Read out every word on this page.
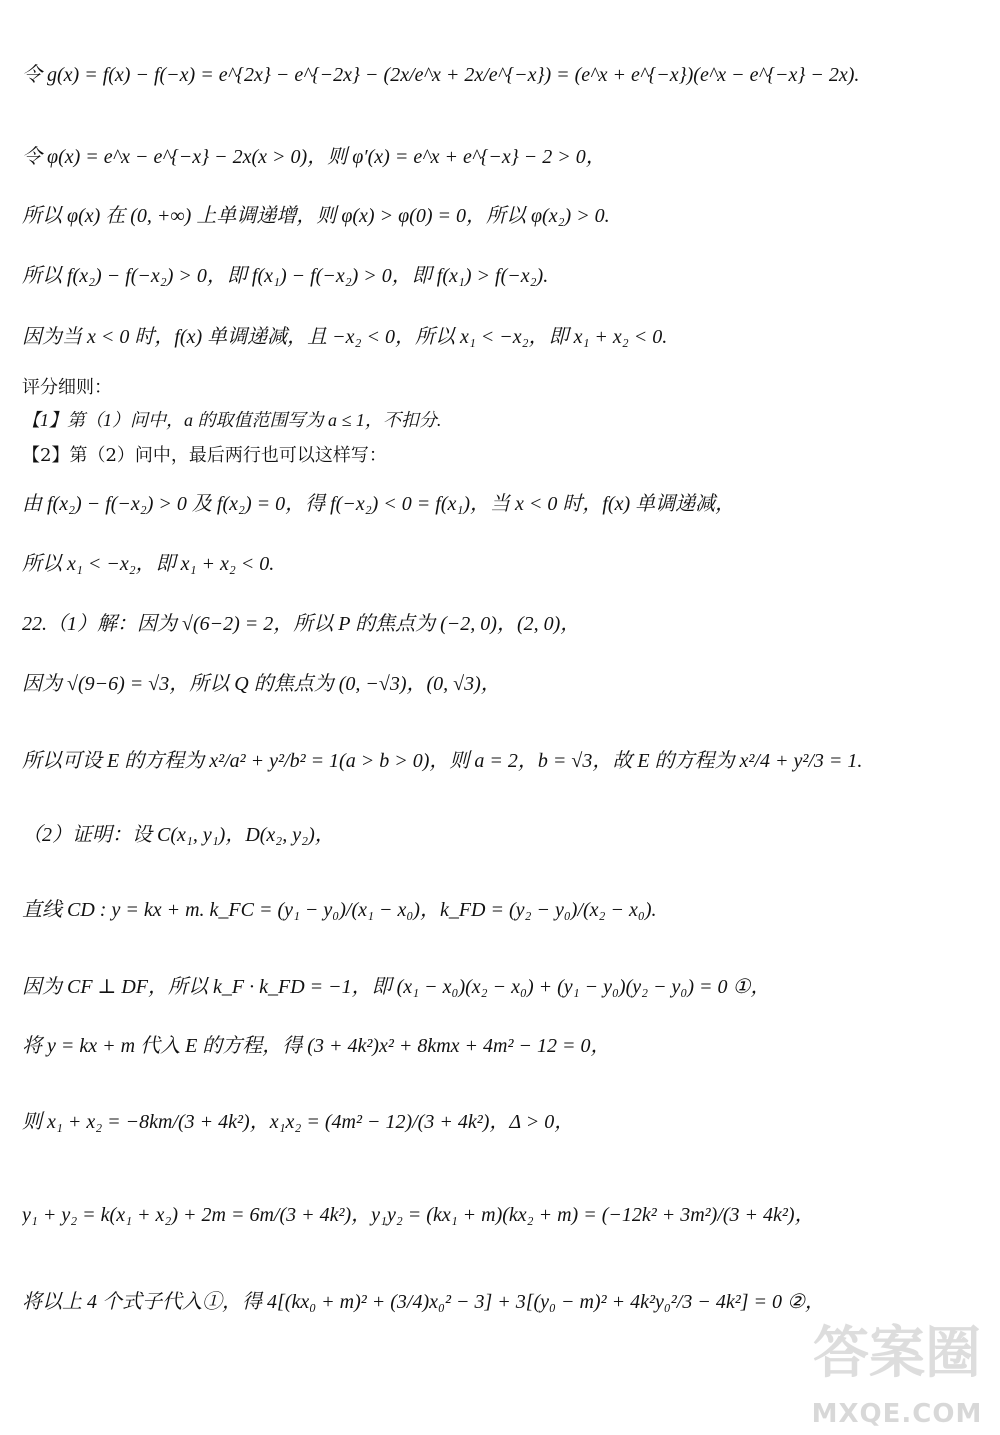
令 g(x) = f(x) − f(−x) = e^{2x} − e^{−2x} − (2x/e^x + 2x/e^{−x}) = (e^x + e^{−x})(e^x − e^{−x} − 2x).
令 φ(x) = e^x − e^{−x} − 2x(x > 0)，则 φ′(x) = e^x + e^{−x} − 2 > 0，
所以 φ(x) 在 (0, +∞) 上单调递增，则 φ(x) > φ(0) = 0，所以 φ(x₂) > 0.
所以 f(x₂) − f(−x₂) > 0，即 f(x₁) − f(−x₂) > 0，即 f(x₁) > f(−x₂).
因为当 x < 0 时，f(x) 单调递减，且 −x₂ < 0，所以 x₁ < −x₂，即 x₁ + x₂ < 0.
评分细则：
【1】第（1）问中，a 的取值范围写为 a ≤ 1，不扣分.
【2】第（2）问中，最后两行也可以这样写：
由 f(x₂) − f(−x₂) > 0 及 f(x₂) = 0，得 f(−x₂) < 0 = f(x₁)，当 x < 0 时，f(x) 单调递减，
所以 x₁ < −x₂，即 x₁ + x₂ < 0.
22.（1）解：因为 √(6−2) = 2，所以 P 的焦点为 (−2, 0)，(2, 0)，
因为 √(9−6) = √3，所以 Q 的焦点为 (0, −√3)，(0, √3)，
所以可设 E 的方程为 x²/a² + y²/b² = 1(a > b > 0)，则 a = 2，b = √3，故 E 的方程为 x²/4 + y²/3 = 1.
（2）证明：设 C(x₁, y₁)，D(x₂, y₂)，
直线 CD : y = kx + m. k_FC = (y₁ − y₀)/(x₁ − x₀)，k_FD = (y₂ − y₀)/(x₂ − x₀).
因为 CF ⊥ DF，所以 k_F · k_FD = −1，即 (x₁ − x₀)(x₂ − x₀) + (y₁ − y₀)(y₂ − y₀) = 0 ①，
将 y = kx + m 代入 E 的方程，得 (3 + 4k²)x² + 8kmx + 4m² − 12 = 0，
则 x₁ + x₂ = −8km/(3 + 4k²)，x₁x₂ = (4m² − 12)/(3 + 4k²)，Δ > 0，
y₁ + y₂ = k(x₁ + x₂) + 2m = 6m/(3 + 4k²)，y₁y₂ = (kx₁ + m)(kx₂ + m) = (−12k² + 3m²)/(3 + 4k²)，
将以上 4 个式子代入①，得 4[(kx₀ + m)² + (3/4)x₀² − 3] + 3[(y₀ − m)² + 4k²y₀²/3 − 4k²] = 0 ②，
答案圈
MXQE.COM
